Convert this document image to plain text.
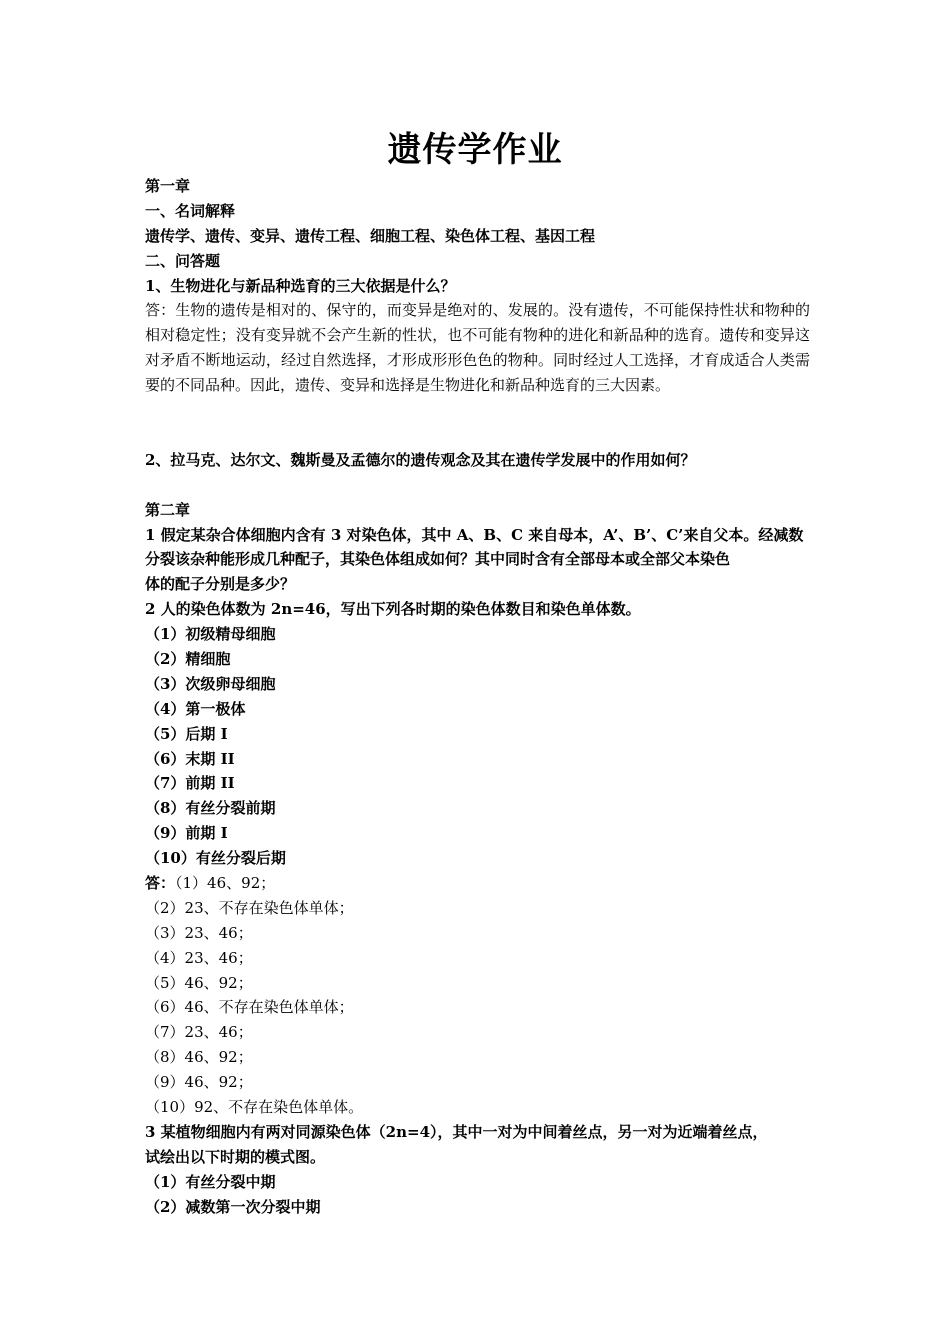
遗传学作业
第一章
一、名词解释
遗传学、遗传、变异、遗传工程、细胞工程、染色体工程、基因工程
二、问答题
1、生物进化与新品种选育的三大依据是什么？
答：生物的遗传是相对的、保守的，而变异是绝对的、发展的。没有遗传，不可能保持性状和物种的相对稳定性；没有变异就不会产生新的性状，也不可能有物种的进化和新品种的选育。遗传和变异这对矛盾不断地运动，经过自然选择，才形成形形色色的物种。同时经过人工选择，才育成适合人类需要的不同品种。因此，遗传、变异和选择是生物进化和新品种选育的三大因素。
2、拉马克、达尔文、魏斯曼及孟德尔的遗传观念及其在遗传学发展中的作用如何？
第二章
1 假定某杂合体细胞内含有 3 对染色体，其中 A、B、C 来自母本，A’、B’、C’来自父本。经减数
分裂该杂种能形成几种配子，其染色体组成如何？其中同时含有全部母本或全部父本染色
体的配子分别是多少？
2 人的染色体数为 2n=46，写出下列各时期的染色体数目和染色单体数。
（1）初级精母细胞
（2）精细胞
（3）次级卵母细胞
（4）第一极体
（5）后期 I
（6）末期 II
（7）前期 II
（8）有丝分裂前期
（9）前期 I
（10）有丝分裂后期
答：（1）46、92；
（2）23、不存在染色体单体；
（3）23、46；
（4）23、46；
（5）46、92；
（6）46、不存在染色体单体；
（7）23、46；
（8）46、92；
（9）46、92；
（10）92、不存在染色体单体。
3 某植物细胞内有两对同源染色体（2n=4），其中一对为中间着丝点，另一对为近端着丝点，
试绘出以下时期的模式图。
（1）有丝分裂中期
（2）减数第一次分裂中期
